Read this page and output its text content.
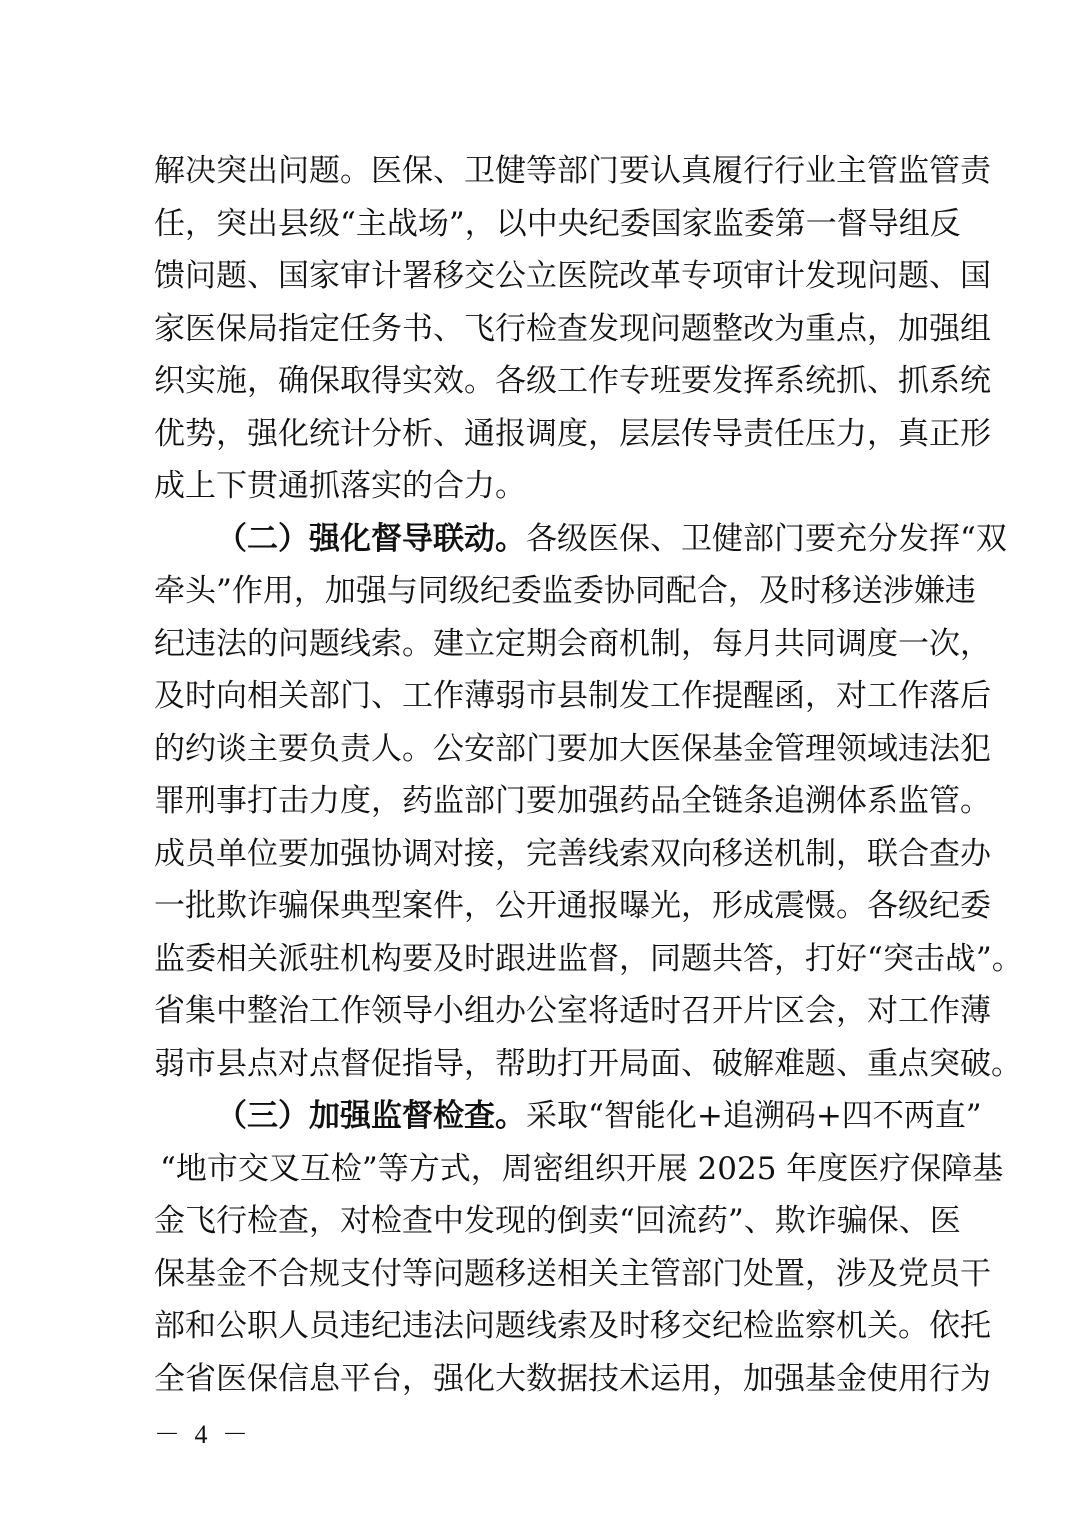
解决突出问题。医保、卫健等部门要认真履行行业主管监管责
任，突出县级“主战场”，以中央纪委国家监委第一督导组反
馈问题、国家审计署移交公立医院改革专项审计发现问题、国
家医保局指定任务书、飞行检查发现问题整改为重点，加强组
织实施，确保取得实效。各级工作专班要发挥系统抓、抓系统
优势，强化统计分析、通报调度，层层传导责任压力，真正形
成上下贯通抓落实的合力。
（二）强化督导联动。各级医保、卫健部门要充分发挥“双
牵头”作用，加强与同级纪委监委协同配合，及时移送涉嫌违
纪违法的问题线索。建立定期会商机制，每月共同调度一次，
及时向相关部门、工作薄弱市县制发工作提醒函，对工作落后
的约谈主要负责人。公安部门要加大医保基金管理领域违法犯
罪刑事打击力度，药监部门要加强药品全链条追溯体系监管。
成员单位要加强协调对接，完善线索双向移送机制，联合查办
一批欺诈骗保典型案件，公开通报曝光，形成震慑。各级纪委
监委相关派驻机构要及时跟进监督，同题共答，打好“突击战”。
省集中整治工作领导小组办公室将适时召开片区会，对工作薄
弱市县点对点督促指导，帮助打开局面、破解难题、重点突破。
（三）加强监督检查。采取“智能化+追溯码+四不两直”
“地市交叉互检”等方式，周密组织开展 2025 年度医疗保障基
金飞行检查，对检查中发现的倒卖“回流药”、欺诈骗保、医
保基金不合规支付等问题移送相关主管部门处置，涉及党员干
部和公职人员违纪违法问题线索及时移交纪检监察机关。依托
全省医保信息平台，强化大数据技术运用，加强基金使用行为
－ 4 －
